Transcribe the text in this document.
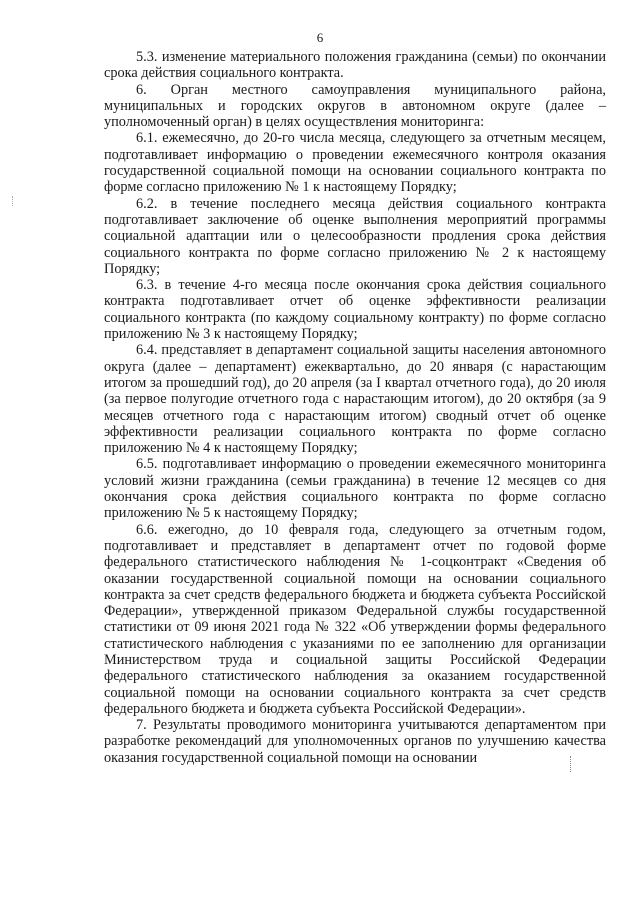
6

5.3. изменение материального положения гражданина (семьи) по окончании срока действия социального контракта.

6. Орган местного самоуправления муниципального района, муниципальных и городских округов в автономном округе (далее – уполномоченный орган) в целях осуществления мониторинга:

6.1. ежемесячно, до 20-го числа месяца, следующего за отчетным месяцем, подготавливает информацию о проведении ежемесячного контроля оказания государственной социальной помощи на основании социального контракта по форме согласно приложению № 1 к настоящему Порядку;

6.2. в течение последнего месяца действия социального контракта подготавливает заключение об оценке выполнения мероприятий программы социальной адаптации или о целесообразности продления срока действия социального контракта по форме согласно приложению № 2 к настоящему Порядку;

6.3. в течение 4-го месяца после окончания срока действия социального контракта подготавливает отчет об оценке эффективности реализации социального контракта (по каждому социальному контракту) по форме согласно приложению № 3 к настоящему Порядку;

6.4. представляет в департамент социальной защиты населения автономного округа (далее – департамент) ежеквартально, до 20 января (с нарастающим итогом за прошедший год), до 20 апреля (за I квартал отчетного года), до 20 июля (за первое полугодие отчетного года с нарастающим итогом), до 20 октября (за 9 месяцев отчетного года с нарастающим итогом) сводный отчет об оценке эффективности реализации социального контракта по форме согласно приложению № 4 к настоящему Порядку;

6.5. подготавливает информацию о проведении ежемесячного мониторинга условий жизни гражданина (семьи гражданина) в течение 12 месяцев со дня окончания срока действия социального контракта по форме согласно приложению № 5 к настоящему Порядку;

6.6. ежегодно, до 10 февраля года, следующего за отчетным годом, подготавливает и представляет в департамент отчет по годовой форме федерального статистического наблюдения № 1-соцконтракт «Сведения об оказании государственной социальной помощи на основании социального контракта за счет средств федерального бюджета и бюджета субъекта Российской Федерации», утвержденной приказом Федеральной службы государственной статистики от 09 июня 2021 года № 322 «Об утверждении формы федерального статистического наблюдения с указаниями по ее заполнению для организации Министерством труда и социальной защиты Российской Федерации федерального статистического наблюдения за оказанием государственной социальной помощи на основании социального контракта за счет средств федерального бюджета и бюджета субъекта Российской Федерации».

7. Результаты проводимого мониторинга учитываются департаментом при разработке рекомендаций для уполномоченных органов по улучшению качества оказания государственной социальной помощи на основании
